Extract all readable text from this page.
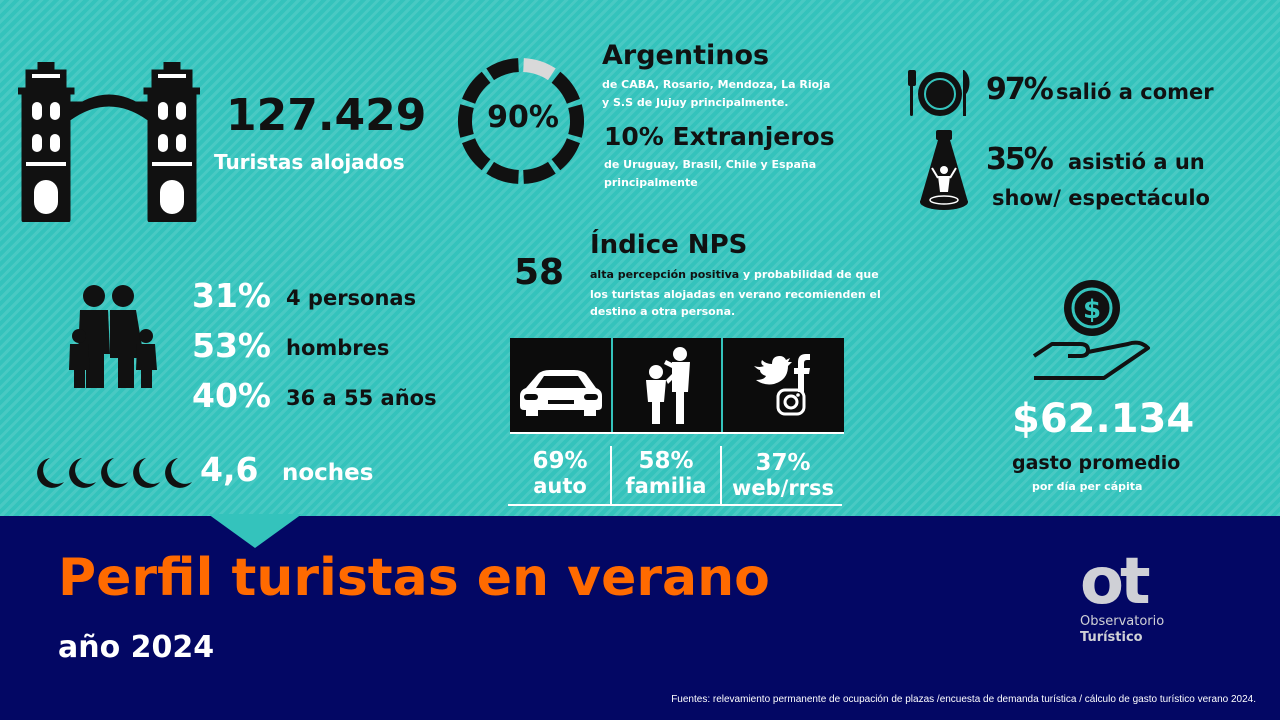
127.429
Turistas alojados
90%
Argentinos
de CABA, Rosario, Mendoza, La Rioja
y S.S de Jujuy principalmente.
10% Extranjeros
de Uruguay, Brasil, Chile y España
principalmente
97% salió a comer
35% asistió a un
show/ espectáculo
31% 4 personas
53% hombres
40% 36 a 55 años
4,6 noches
58
Índice NPS
alta percepción positiva y probabilidad de que
los turistas alojadas en verano recomienden el
destino a otra persona.
69%
auto
58%
familia
37%
web/rrss
$
$62.134
gasto promedio
por día per cápita
Perfil turistas en verano
año 2024
ot
Observatorio
Turístico
Fuentes: relevamiento permanente de ocupación de plazas /encuesta de demanda turística / cálculo de gasto turístico verano 2024.
